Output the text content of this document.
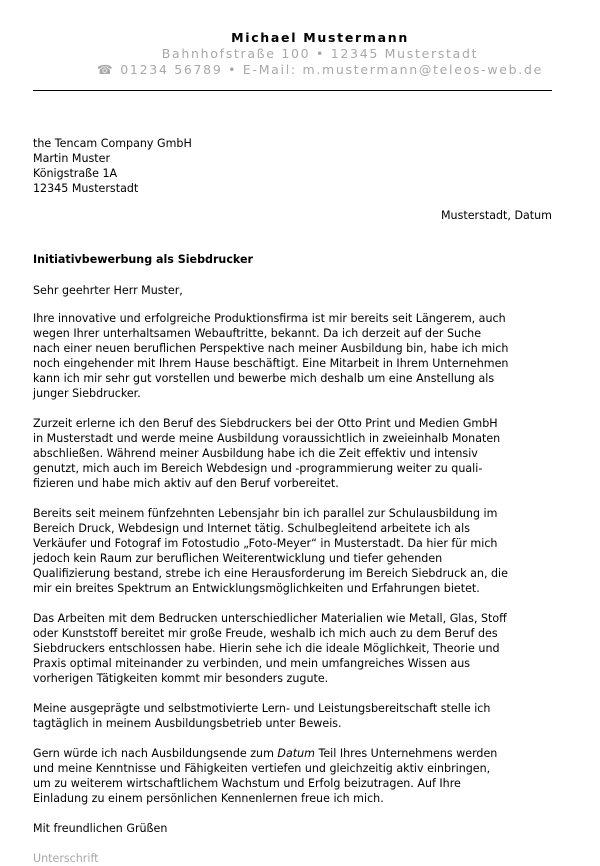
Michael Mustermann
Bahnhofstraße 100 • 12345 Musterstadt
☎ 01234 56789 • E-Mail: m.mustermann@teleos-web.de
the Tencam Company GmbH
Martin Muster
Königstraße 1A
12345 Musterstadt
Musterstadt, Datum
Initiativbewerbung als Siebdrucker
Sehr geehrter Herr Muster,

Ihre innovative und erfolgreiche Produktionsfirma ist mir bereits seit Längerem, auch
wegen Ihrer unterhaltsamen Webauftritte, bekannt. Da ich derzeit auf der Suche
nach einer neuen beruflichen Perspektive nach meiner Ausbildung bin, habe ich mich
noch eingehender mit Ihrem Hause beschäftigt. Eine Mitarbeit in Ihrem Unternehmen
kann ich mir sehr gut vorstellen und bewerbe mich deshalb um eine Anstellung als
junger Siebdrucker.

Zurzeit erlerne ich den Beruf des Siebdruckers bei der Otto Print und Medien GmbH
in Musterstadt und werde meine Ausbildung voraussichtlich in zweieinhalb Monaten
abschließen. Während meiner Ausbildung habe ich die Zeit effektiv und intensiv
genutzt, mich auch im Bereich Webdesign und -programmierung weiter zu quali-
fizieren und habe mich aktiv auf den Beruf vorbereitet.

Bereits seit meinem fünfzehnten Lebensjahr bin ich parallel zur Schulausbildung im
Bereich Druck, Webdesign und Internet tätig. Schulbegleitend arbeitete ich als
Verkäufer und Fotograf im Fotostudio „Foto-Meyer“ in Musterstadt. Da hier für mich
jedoch kein Raum zur beruflichen Weiterentwicklung und tiefer gehenden
Qualifizierung bestand, strebe ich eine Herausforderung im Bereich Siebdruck an, die
mir ein breites Spektrum an Entwicklungsmöglichkeiten und Erfahrungen bietet.

Das Arbeiten mit dem Bedrucken unterschiedlicher Materialien wie Metall, Glas, Stoff
oder Kunststoff bereitet mir große Freude, weshalb ich mich auch zu dem Beruf des
Siebdruckers entschlossen habe. Hierin sehe ich die ideale Möglichkeit, Theorie und
Praxis optimal miteinander zu verbinden, und mein umfangreiches Wissen aus
vorherigen Tätigkeiten kommt mir besonders zugute.

Meine ausgeprägte und selbstmotivierte Lern- und Leistungsbereitschaft stelle ich
tagtäglich in meinem Ausbildungsbetrieb unter Beweis.

Gern würde ich nach Ausbildungsende zum Datum Teil Ihres Unternehmens werden
und meine Kenntnisse und Fähigkeiten vertiefen und gleichzeitig aktiv einbringen,
um zu weiterem wirtschaftlichem Wachstum und Erfolg beizutragen. Auf Ihre
Einladung zu einem persönlichen Kennenlernen freue ich mich.

Mit freundlichen Grüßen

Unterschrift
